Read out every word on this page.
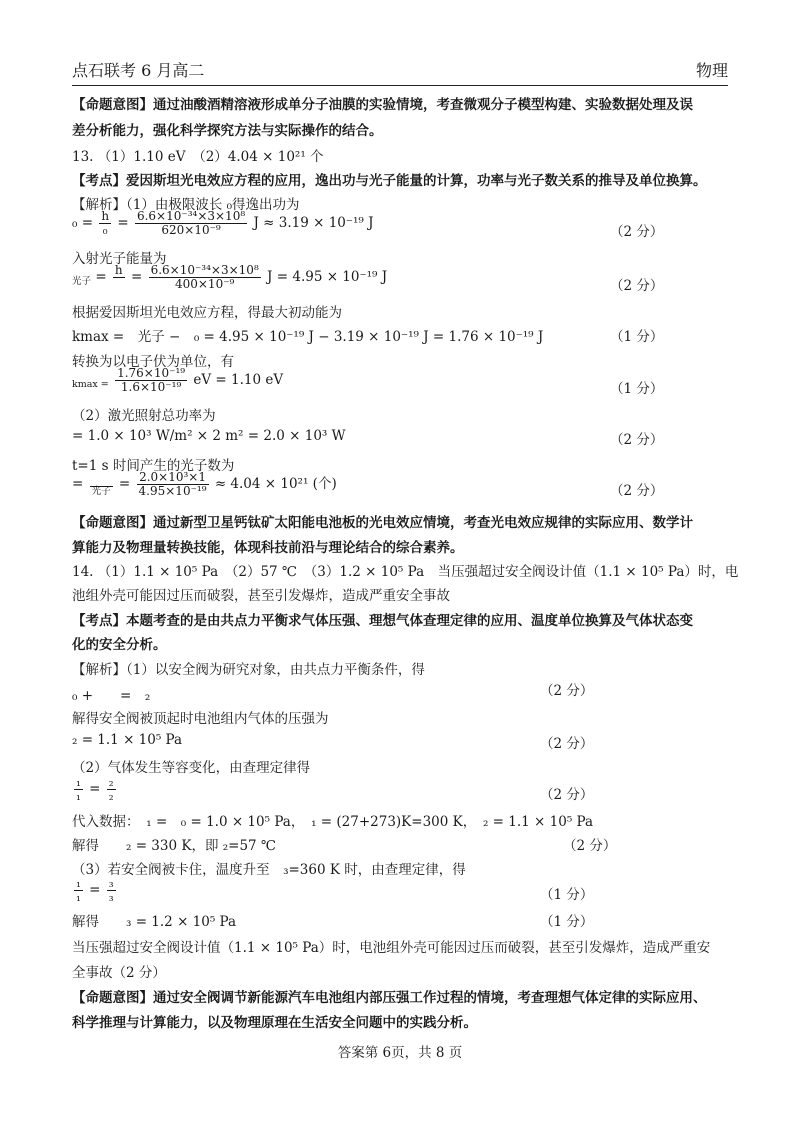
点石联考 6 月高二	物理
【命题意图】通过油酸酒精溶液形成单分子油膜的实验情境，考查微观分子模型构建、实验数据处理及误
差分析能力，强化科学探究方法与实际操作的结合。
13. （1）1.10 eV　（2）4.04 × 10²¹ 个
【考点】爱因斯坦光电效应方程的应用，逸出功与光子能量的计算，功率与光子数关系的推导及单位换算。
【解析】（1）由极限波长 ₀得逸出功为
$_0 = \frac{h}{\text{₀}} = \frac{\text{6.6×10⁻³⁴×3×10⁸}}{\text{620×10⁻⁹}}$ J ≈ 3.19 × 10⁻¹⁹ J
（2 分）
入射光子能量为
$_{光子}$ = h
= $\frac{\text{6.6×10⁻³⁴×3×10⁸}}{\text{400×10⁻⁹}}$ J = 4.95 × 10⁻¹⁹ J
（2 分）
根据爱因斯坦光电效应方程，得最大初动能为
kmax =　光子 −　₀ = 4.95 × 10⁻¹⁹ J − 3.19 × 10⁻¹⁹ J = 1.76 × 10⁻¹⁹ J	（1 分）
转换为以电子伏为单位，有
$_{kmax =} \frac{\text{1.76×10⁻¹⁹}}{\text{1.6×10⁻¹⁹}}$ eV = 1.10 eV
（1 分）
（2）激光照射总功率为
= 1.0 × 10³ W/m² × 2 m² = 2.0 × 10³ W	（2 分）
t=1 s 时间产生的光子数为
=
光子 = $\frac{\text{2.0×10³×1}}{\text{4.95×10⁻¹⁹}} \approx 4.04 \times 10^{21}$ (个)	（2 分）
【命题意图】通过新型卫星钙钛矿太阳能电池板的光电效应情境，考查光电效应规律的实际应用、数学计
算能力及物理量转换技能，体现科技前沿与理论结合的综合素养。
14. （1）1.1 × 10⁵ Pa　（2）57 ℃　（3）1.2 × 10⁵ Pa　当压强超过安全阀设计值（1.1 × 10⁵ Pa）时，电
池组外壳可能因过压而破裂，甚至引发爆炸，造成严重安全事故
【考点】本题考查的是由共点力平衡求气体压强、理想气体查理定律的应用、温度单位换算及气体状态变
化的安全分析。
【解析】（1）以安全阀为研究对象，由共点力平衡条件，得
₀ +　　=　₂	（2 分）
解得安全阀被顶起时电池组内气体的压强为
₂ = 1.1 × 10⁵ Pa	（2 分）
（2）气体发生等容变化，由查理定律得
$\frac{\text{₁}}{\text{₁}} = \frac{\text{₂}}{\text{₂}}$	（2 分）
代入数据：　₁ =　₀ = 1.0 × 10⁵ Pa，　₁ = (27+273)K=300 K，　₂ = 1.1 × 10⁵ Pa
解得　　₂ = 330 K，即 ₂=57 ℃	（2 分）
（3）若安全阀被卡住，温度升至　₃=360 K 时，由查理定律，得
$\frac{\text{₁}}{\text{₁}} = \frac{\text{₃}}{\text{₃}}$	（1 分）
解得　　₃ = 1.2 × 10⁵ Pa	（1 分）
当压强超过安全阀设计值（1.1 × 10⁵ Pa）时，电池组外壳可能因过压而破裂，甚至引发爆炸，造成严重安
全事故（2 分）
【命题意图】通过安全阀调节新能源汽车电池组内部压强工作过程的情境，考查理想气体定律的实际应用、
科学推理与计算能力，以及物理原理在生活安全问题中的实践分析。
答案第 6页，共 8 页
